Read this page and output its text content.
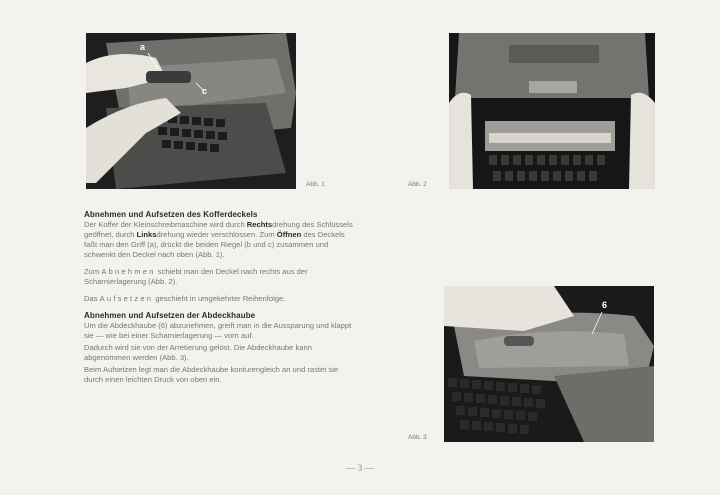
a
c
Abb. 1	Abb. 2
6
Abb. 3
Abnehmen und Aufsetzen des Kofferdeckels

Der Koffer der Kleinschreibmaschine wird durch Rechtsdrehung des Schlüssels geöffnet, durch Linksdrehung wieder verschlossen. Zum Öffnen des Deckels faßt man den Griff (a), drückt die beiden Riegel (b und c) zusammen und schwenkt den Deckel nach oben (Abb. 1).

Zum Abnehmen schiebt man den Deckel nach rechts aus der Scharnierlagerung (Abb. 2).

Das Aufsetzen geschieht in umgekehrter Reihenfolge.

Abnehmen und Aufsetzen der Abdeckhaube

Um die Abdeckhaube (6) abzunehmen, greift man in die Aussparung und klappt sie — wie bei einer Scharnierlagerung — vorn auf.

Dadurch wird sie von der Arretierung gelöst. Die Abdeckhaube kann abgenommen werden (Abb. 3).

Beim Aufsetzen legt man die Abdeckhaube konturengleich an und rastet sie durch einen leichten Druck von oben ein.

— 3 —
